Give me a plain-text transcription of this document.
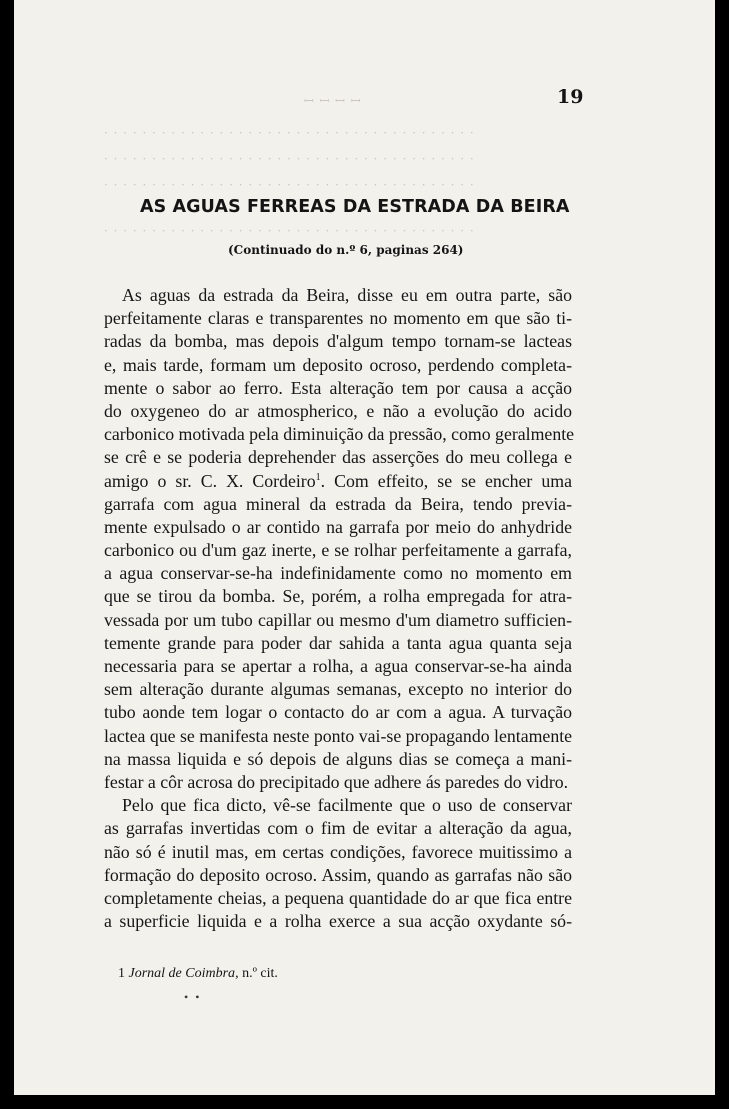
ꟷ ꟷ ꟷ ꟷ
· · · · · · · · · · · · · · · · · · · · · · · · · · · · · · · · · · · · · · ·
· · · · · · · · · · · · · · · · · · · · · · · · · · · · · · · · · · · · · · ·
· · · · · · · · · · · · · · · · · · · · · · · · · · · · · · · · · · · · · · ·
· · · · · · · · · · · · · · · · · · · · · · · · · · · · · · · · · · · · · · ·
19
AS AGUAS FERREAS DA ESTRADA DA BEIRA

(Continuado do n.º 6, paginas 264)

As aguas da estrada da Beira, disse eu em outra parte, são
perfeitamente claras e transparentes no momento em que são ti-
radas da bomba, mas depois d'algum tempo tornam-se lacteas
e, mais tarde, formam um deposito ocroso, perdendo completa-
mente o sabor ao ferro. Esta alteração tem por causa a acção
do oxygeneo do ar atmospherico, e não a evolução do acido
carbonico motivada pela diminuição da pressão, como geralmente
se crê e se poderia deprehender das asserções do meu collega e
amigo o sr. C. X. Cordeiro$^1$. Com effeito, se se encher uma
garrafa com agua mineral da estrada da Beira, tendo previa-
mente expulsado o ar contido na garrafa por meio do anhydride
carbonico ou d'um gaz inerte, e se rolhar perfeitamente a garrafa,
a agua conservar-se-ha indefinidamente como no momento em
que se tirou da bomba. Se, porém, a rolha empregada for atra-
vessada por um tubo capillar ou mesmo d'um diametro sufficien-
temente grande para poder dar sahida a tanta agua quanta seja
necessaria para se apertar a rolha, a agua conservar-se-ha ainda
sem alteração durante algumas semanas, excepto no interior do
tubo aonde tem logar o contacto do ar com a agua. A turvação
lactea que se manifesta neste ponto vai-se propagando lentamente
na massa liquida e só depois de alguns dias se começa a mani-
festar a côr acrosa do precipitado que adhere ás paredes do vidro.

Pelo que fica dicto, vê-se facilmente que o uso de conservar
as garrafas invertidas com o fim de evitar a alteração da agua,
não só é inutil mas, em certas condições, favorece muitissimo a
formação do deposito ocroso. Assim, quando as garrafas não são
completamente cheias, a pequena quantidade do ar que fica entre
a superficie liquida e a rolha exerce a sua acção oxydante só-

1 Jornal de Coimbra, n.º cit.

• •
